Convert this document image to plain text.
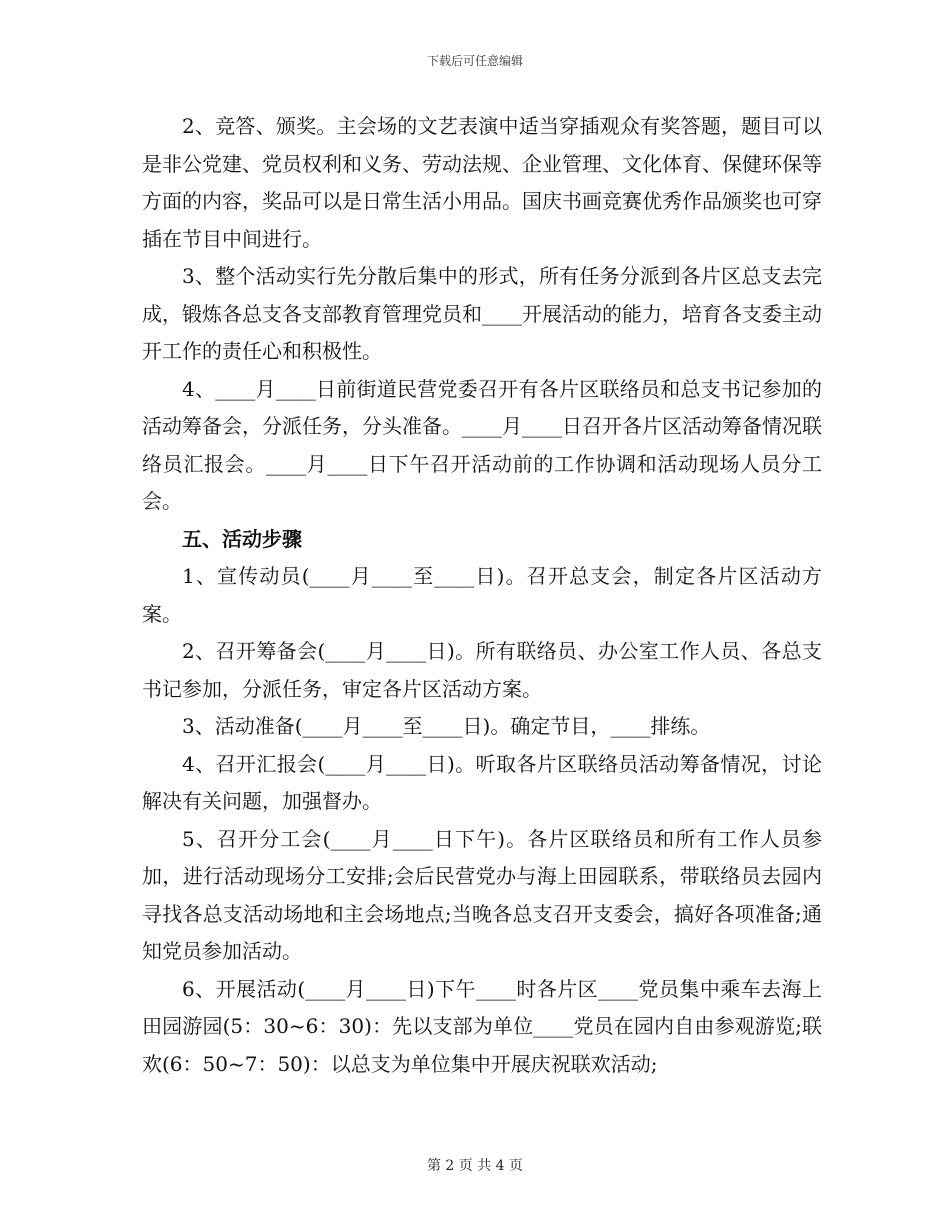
下载后可任意编辑

2、竞答、颁奖。主会场的文艺表演中适当穿插观众有奖答题，题目可以是非公党建、党员权利和义务、劳动法规、企业管理、文化体育、保健环保等方面的内容，奖品可以是日常生活小用品。国庆书画竞赛优秀作品颁奖也可穿插在节目中间进行。

3、整个活动实行先分散后集中的形式，所有任务分派到各片区总支去完成，锻炼各总支各支部教育管理党员和____开展活动的能力，培育各支委主动开工作的责任心和积极性。

4、____月____日前街道民营党委召开有各片区联络员和总支书记参加的活动筹备会，分派任务，分头准备。____月____日召开各片区活动筹备情况联络员汇报会。____月____日下午召开活动前的工作协调和活动现场人员分工会。

五、活动步骤

1、宣传动员(____月____至____日)。召开总支会，制定各片区活动方案。

2、召开筹备会(____月____日)。所有联络员、办公室工作人员、各总支书记参加，分派任务，审定各片区活动方案。

3、活动准备(____月____至____日)。确定节目，____排练。

4、召开汇报会(____月____日)。听取各片区联络员活动筹备情况，讨论解决有关问题，加强督办。

5、召开分工会(____月____日下午)。各片区联络员和所有工作人员参加，进行活动现场分工安排;会后民营党办与海上田园联系，带联络员去园内寻找各总支活动场地和主会场地点;当晚各总支召开支委会，搞好各项准备;通知党员参加活动。

6、开展活动(____月____日)下午____时各片区____党员集中乘车去海上田园游园(5：30~6：30)：先以支部为单位____党员在园内自由参观游览;联欢(6：50~7：50)：以总支为单位集中开展庆祝联欢活动;

第 2 页 共 4 页
